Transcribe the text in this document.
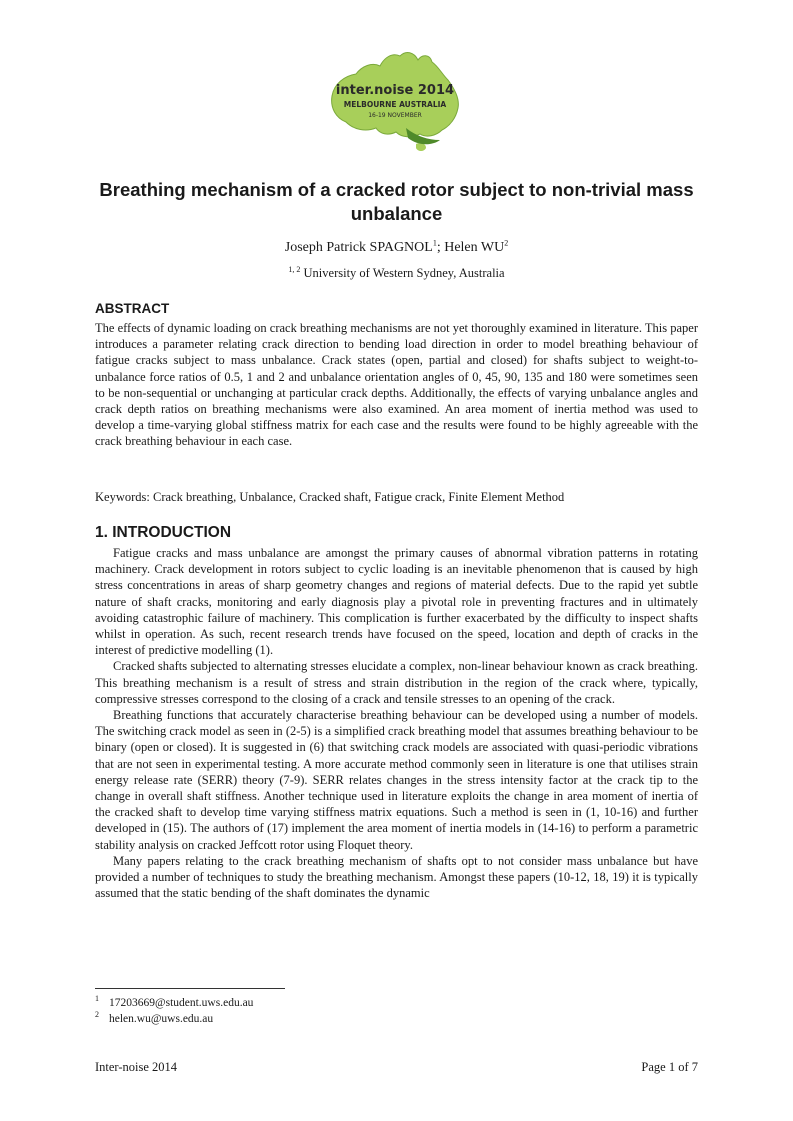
inter.noise 2014
MELBOURNE AUSTRALIA
16-19 NOVEMBER
Breathing mechanism of a cracked rotor subject to non-trivial mass unbalance
Joseph Patrick SPAGNOL$^1$; Helen $WU^2$
$^{1, 2}$ University of Western Sydney, Australia
ABSTRACT

The effects of dynamic loading on crack breathing mechanisms are not yet thoroughly examined in literature. This paper introduces a parameter relating crack direction to bending load direction in order to model breathing behaviour of fatigue cracks subject to mass unbalance. Crack states (open, partial and closed) for shafts subject to weight-to-unbalance force ratios of 0.5, 1 and 2 and unbalance orientation angles of 0, 45, 90, 135 and 180 were sometimes seen to be non-sequential or unchanging at particular crack depths. Additionally, the effects of varying unbalance angles and crack depth ratios on breathing mechanisms were also examined. An area moment of inertia method was used to develop a time-varying global stiffness matrix for each case and the results were found to be highly agreeable with the crack breathing behaviour in each case.

Keywords: Crack breathing, Unbalance, Cracked shaft, Fatigue crack, Finite Element Method

1. INTRODUCTION

Fatigue cracks and mass unbalance are amongst the primary causes of abnormal vibration patterns in rotating machinery. Crack development in rotors subject to cyclic loading is an inevitable phenomenon that is caused by high stress concentrations in areas of sharp geometry changes and regions of material defects. Due to the rapid yet subtle nature of shaft cracks, monitoring and early diagnosis play a pivotal role in preventing fractures and in ultimately avoiding catastrophic failure of machinery. This complication is further exacerbated by the difficulty to inspect shafts whilst in operation. As such, recent research trends have focused on the speed, location and depth of cracks in the interest of predictive modelling (1).

Cracked shafts subjected to alternating stresses elucidate a complex, non-linear behaviour known as crack breathing. This breathing mechanism is a result of stress and strain distribution in the region of the crack where, typically, compressive stresses correspond to the closing of a crack and tensile stresses to an opening of the crack.

Breathing functions that accurately characterise breathing behaviour can be developed using a number of models. The switching crack model as seen in (2-5) is a simplified crack breathing model that assumes breathing behaviour to be binary (open or closed). It is suggested in (6) that switching crack models are associated with quasi-periodic vibrations that are not seen in experimental testing. A more accurate method commonly seen in literature is one that utilises strain energy release rate (SERR) theory (7-9). SERR relates changes in the stress intensity factor at the crack tip to the change in overall shaft stiffness. Another technique used in literature exploits the change in area moment of inertia of the cracked shaft to develop time varying stiffness matrix equations. Such a method is seen in (1, 10-16) and further developed in (15). The authors of (17) implement the area moment of inertia models in (14-16) to perform a parametric stability analysis on cracked Jeffcott rotor using Floquet theory.

Many papers relating to the crack breathing mechanism of shafts opt to not consider mass unbalance but have provided a number of techniques to study the breathing mechanism. Amongst these papers (10-12, 18, 19) it is typically assumed that the static bending of the shaft dominates the dynamic

1 17203669@student.uws.edu.au
2 helen.wu@uws.edu.au
Inter-noise 2014	Page 1 of 7
